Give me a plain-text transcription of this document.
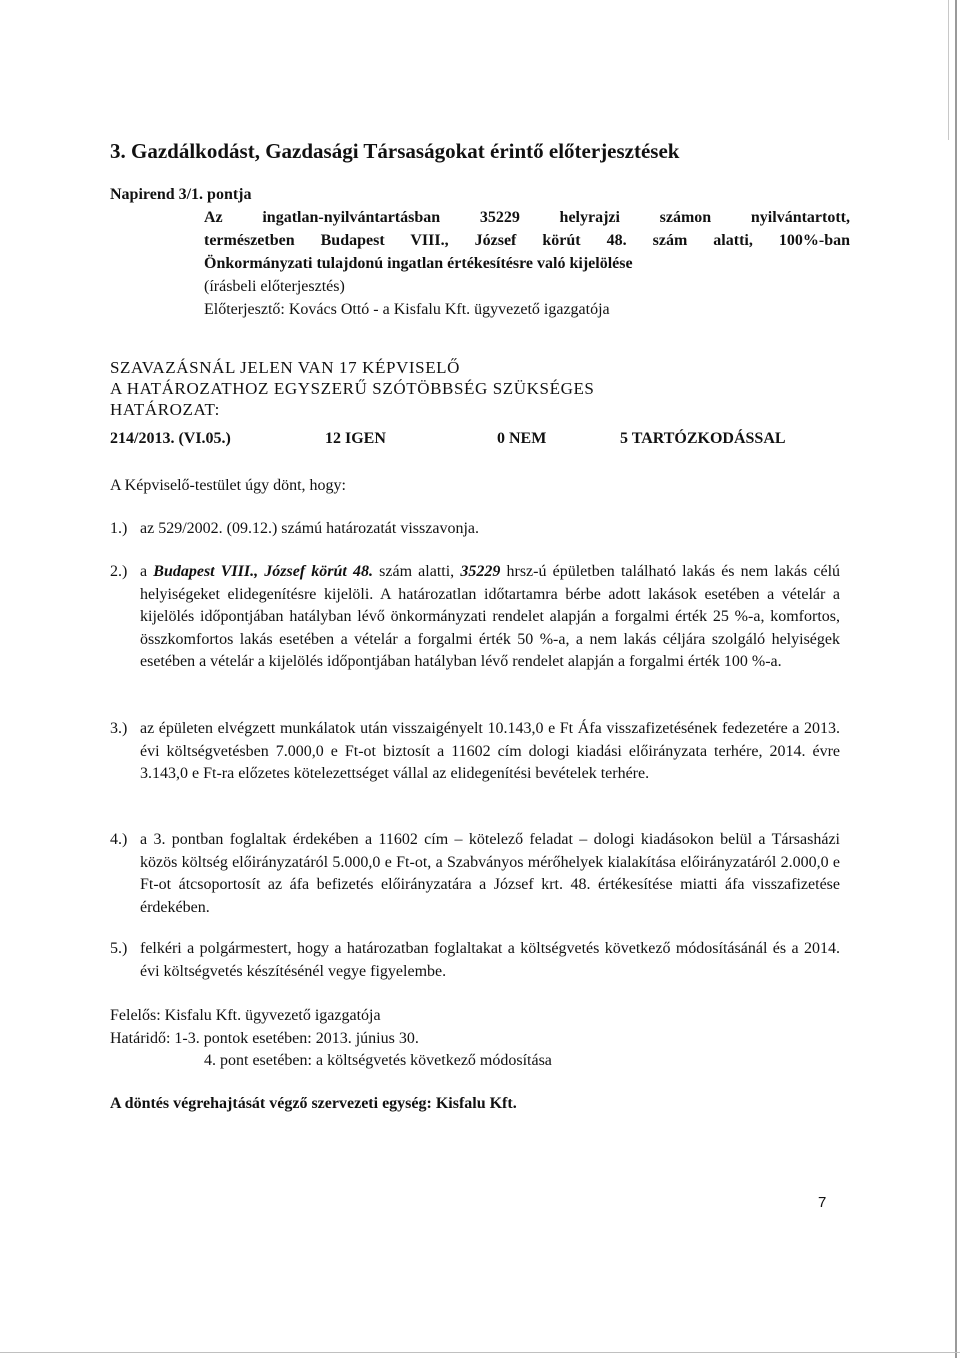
3. Gazdálkodást, Gazdasági Társaságokat érintő előterjesztések
Napirend 3/1. pontja
Az ingatlan-nyilvántartásban 35229 helyrajzi számon nyilvántartott,
természetben Budapest VIII., József körút 48. szám alatti, 100%-ban
Önkormányzati tulajdonú ingatlan értékesítésre való kijelölése
(írásbeli előterjesztés)
Előterjesztő: Kovács Ottó - a Kisfalu Kft. ügyvezető igazgatója
SZAVAZÁSNÁL JELEN VAN 17 KÉPVISELŐ
A HATÁROZATHOZ EGYSZERŰ SZÓTÖBBSÉG SZÜKSÉGES
HATÁROZAT:
214/2013. (VI.05.)	12 IGEN	0 NEM	5 TARTÓZKODÁSSAL
A Képviselő-testület úgy dönt, hogy:
1.) az 529/2002. (09.12.) számú határozatát visszavonja.
2.) a Budapest VIII., József körút 48. szám alatti, 35229 hrsz-ú épületben található lakás és nem lakás célú helyiségeket elidegenítésre kijelöli. A határozatlan időtartamra bérbe adott lakások esetében a vételár a kijelölés időpontjában hatályban lévő önkormányzati rendelet alapján a forgalmi érték 25 %-a, komfortos, összkomfortos lakás esetében a vételár a forgalmi érték 50 %-a, a nem lakás céljára szolgáló helyiségek esetében a vételár a kijelölés időpontjában hatályban lévő rendelet alapján a forgalmi érték 100 %-a.
3.) az épületen elvégzett munkálatok után visszaigényelt 10.143,0 e Ft Áfa visszafizetésének fedezetére a 2013. évi költségvetésben 7.000,0 e Ft-ot biztosít a 11602 cím dologi kiadási előirányzata terhére, 2014. évre 3.143,0 e Ft-ra előzetes kötelezettséget vállal az elidegenítési bevételek terhére.
4.) a 3. pontban foglaltak érdekében a 11602 cím – kötelező feladat – dologi kiadásokon belül a Társasházi közös költség előirányzatáról 5.000,0 e Ft-ot, a Szabványos mérőhelyek kialakítása előirányzatáról 2.000,0 e Ft-ot átcsoportosít az áfa befizetés előirányzatára a József krt. 48. értékesítése miatti áfa visszafizetése érdekében.
5.) felkéri a polgármestert, hogy a határozatban foglaltakat a költségvetés következő módosításánál és a 2014. évi költségvetés készítésénél vegye figyelembe.
Felelős: Kisfalu Kft. ügyvezető igazgatója
Határidő: 1-3. pontok esetében: 2013. június 30.
4. pont esetében: a költségvetés következő módosítása
A döntés végrehajtását végző szervezeti egység: Kisfalu Kft.
7
